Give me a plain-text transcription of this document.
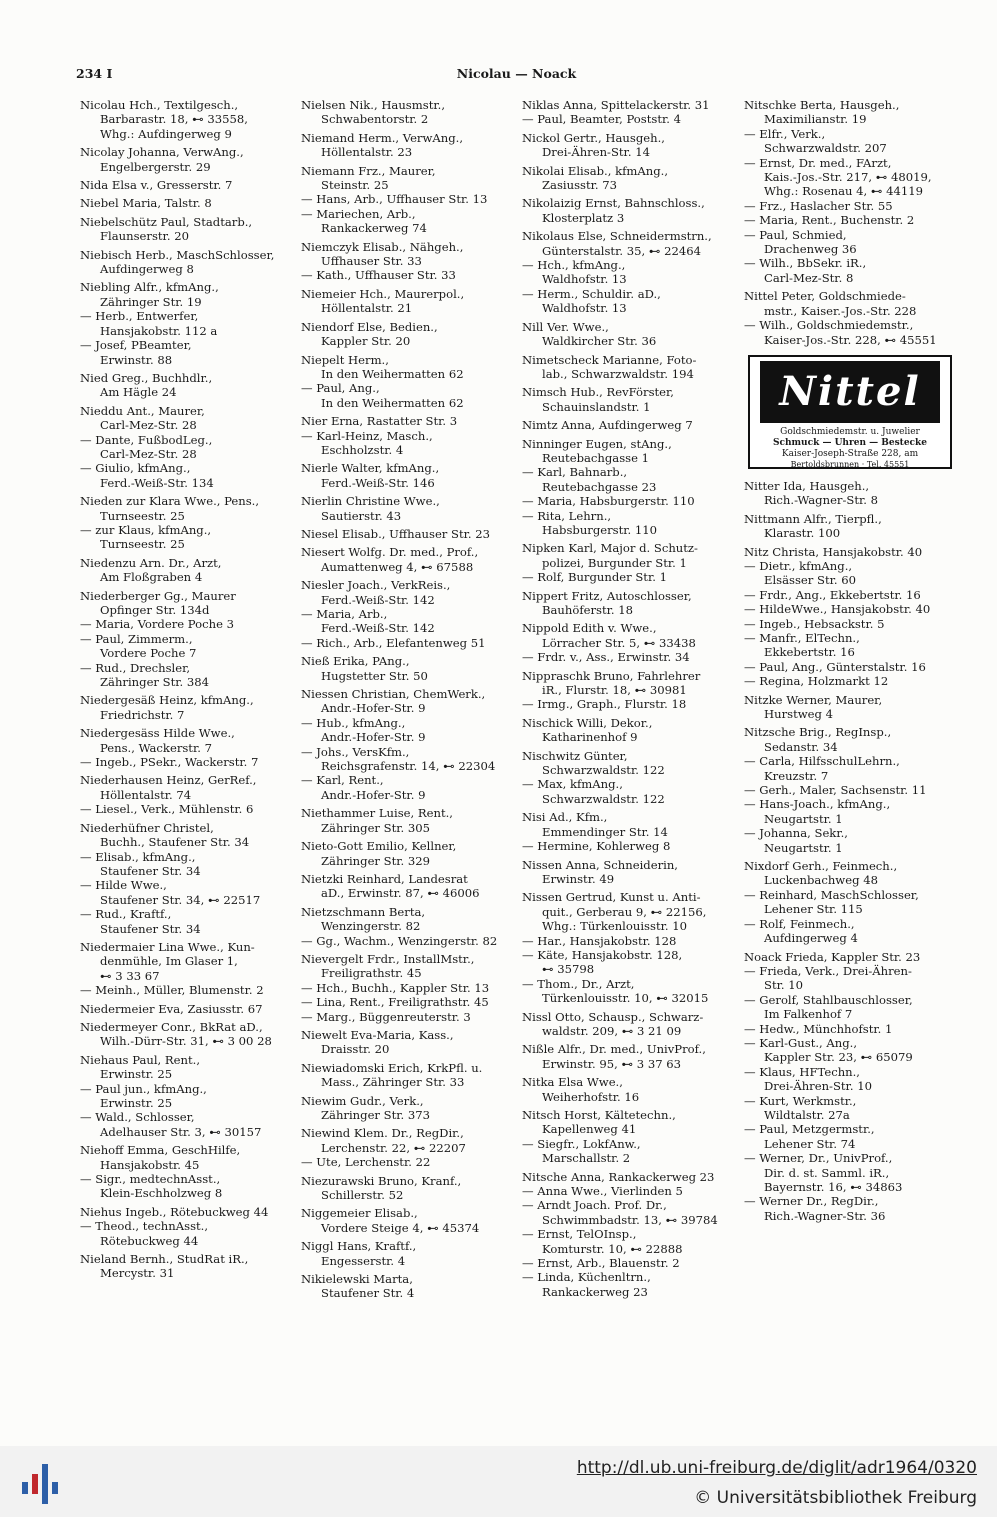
234 I	Nicolau — Noack
Nicolau Hch., Textilgesch.,
Barbarastr. 18, ⊷ 33558,
Whg.: Aufdingerweg 9
Nicolay Johanna, VerwAng.,
Engelbergerstr. 29
Nida Elsa v., Gresserstr. 7
Niebel Maria, Talstr. 8
Niebelschütz Paul, Stadtarb.,
Flaunserstr. 20
Niebisch Herb., MaschSchlosser,
Aufdingerweg 8
Niebling Alfr., kfmAng.,
Zähringer Str. 19
— Herb., Entwerfer,
Hansjakobstr. 112 a
— Josef, PBeamter,
Erwinstr. 88
Nied Greg., Buchhdlr.,
Am Hägle 24
Nieddu Ant., Maurer,
Carl-Mez-Str. 28
— Dante, FußbodLeg.,
Carl-Mez-Str. 28
— Giulio, kfmAng.,
Ferd.-Weiß-Str. 134
Nieden zur Klara Wwe., Pens.,
Turnseestr. 25
— zur Klaus, kfmAng.,
Turnseestr. 25
Niedenzu Arn. Dr., Arzt,
Am Floßgraben 4
Niederberger Gg., Maurer
Opfinger Str. 134d
— Maria, Vordere Poche 3
— Paul, Zimmerm.,
Vordere Poche 7
— Rud., Drechsler,
Zähringer Str. 384
Niedergesäß Heinz, kfmAng.,
Friedrichstr. 7
Niedergesäss Hilde Wwe.,
Pens., Wackerstr. 7
— Ingeb., PSekr., Wackerstr. 7
Niederhausen Heinz, GerRef.,
Höllentalstr. 74
— Liesel., Verk., Mühlenstr. 6
Niederhüfner Christel,
Buchh., Staufener Str. 34
— Elisab., kfmAng.,
Staufener Str. 34
— Hilde Wwe.,
Staufener Str. 34, ⊷ 22517
— Rud., Kraftf.,
Staufener Str. 34
Niedermaier Lina Wwe., Kun-
denmühle, Im Glaser 1,
⊷ 3 33 67
— Meinh., Müller, Blumenstr. 2
Niedermeier Eva, Zasiusstr. 67
Niedermeyer Conr., BkRat aD.,
Wilh.-Dürr-Str. 31, ⊷ 3 00 28
Niehaus Paul, Rent.,
Erwinstr. 25
— Paul jun., kfmAng.,
Erwinstr. 25
— Wald., Schlosser,
Adelhauser Str. 3, ⊷ 30157
Niehoff Emma, GeschHilfe,
Hansjakobstr. 45
— Sigr., medtechnAsst.,
Klein-Eschholzweg 8
Niehus Ingeb., Rötebuckweg 44
— Theod., technAsst.,
Rötebuckweg 44
Nieland Bernh., StudRat iR.,
Mercystr. 31
Nielsen Nik., Hausmstr.,
Schwabentorstr. 2
Niemand Herm., VerwAng.,
Höllentalstr. 23
Niemann Frz., Maurer,
Steinstr. 25
— Hans, Arb., Uffhauser Str. 13
— Mariechen, Arb.,
Rankackerweg 74
Niemczyk Elisab., Nähgeh.,
Uffhauser Str. 33
— Kath., Uffhauser Str. 33
Niemeier Hch., Maurerpol.,
Höllentalstr. 21
Niendorf Else, Bedien.,
Kappler Str. 20
Niepelt Herm.,
In den Weihermatten 62
— Paul, Ang.,
In den Weihermatten 62
Nier Erna, Rastatter Str. 3
— Karl-Heinz, Masch.,
Eschholzstr. 4
Nierle Walter, kfmAng.,
Ferd.-Weiß-Str. 146
Nierlin Christine Wwe.,
Sautierstr. 43
Niesel Elisab., Uffhauser Str. 23
Niesert Wolfg. Dr. med., Prof.,
Aumattenweg 4, ⊷ 67588
Niesler Joach., VerkReis.,
Ferd.-Weiß-Str. 142
— Maria, Arb.,
Ferd.-Weiß-Str. 142
— Rich., Arb., Elefantenweg 51
Nieß Erika, PAng.,
Hugstetter Str. 50
Niessen Christian, ChemWerk.,
Andr.-Hofer-Str. 9
— Hub., kfmAng.,
Andr.-Hofer-Str. 9
— Johs., VersKfm.,
Reichsgrafenstr. 14, ⊷ 22304
— Karl, Rent.,
Andr.-Hofer-Str. 9
Niethammer Luise, Rent.,
Zähringer Str. 305
Nieto-Gott Emilio, Kellner,
Zähringer Str. 329
Nietzki Reinhard, Landesrat
aD., Erwinstr. 87, ⊷ 46006
Nietzschmann Berta,
Wenzingerstr. 82
— Gg., Wachm., Wenzingerstr. 82
Nievergelt Frdr., InstallMstr.,
Freiligrathstr. 45
— Hch., Buchh., Kappler Str. 13
— Lina, Rent., Freiligrathstr. 45
— Marg., Büggenreuterstr. 3
Niewelt Eva-Maria, Kass.,
Draisstr. 20
Niewiadomski Erich, KrkPfl. u.
Mass., Zähringer Str. 33
Niewim Gudr., Verk.,
Zähringer Str. 373
Niewind Klem. Dr., RegDir.,
Lerchenstr. 22, ⊷ 22207
— Ute, Lerchenstr. 22
Niezurawski Bruno, Kranf.,
Schillerstr. 52
Niggemeier Elisab.,
Vordere Steige 4, ⊷ 45374
Niggl Hans, Kraftf.,
Engesserstr. 4
Nikielewski Marta,
Staufener Str. 4
Niklas Anna, Spittelackerstr. 31
— Paul, Beamter, Poststr. 4
Nickol Gertr., Hausgeh.,
Drei-Ähren-Str. 14
Nikolai Elisab., kfmAng.,
Zasiusstr. 73
Nikolaizig Ernst, Bahnschloss.,
Klosterplatz 3
Nikolaus Else, Schneidermstrn.,
Günterstalstr. 35, ⊷ 22464
— Hch., kfmAng.,
Waldhofstr. 13
— Herm., Schuldir. aD.,
Waldhofstr. 13
Nill Ver. Wwe.,
Waldkircher Str. 36
Nimetscheck Marianne, Foto-
lab., Schwarzwaldstr. 194
Nimsch Hub., RevFörster,
Schauinslandstr. 1
Nimtz Anna, Aufdingerweg 7
Ninninger Eugen, stAng.,
Reutebachgasse 1
— Karl, Bahnarb.,
Reutebachgasse 23
— Maria, Habsburgerstr. 110
— Rita, Lehrn.,
Habsburgerstr. 110
Nipken Karl, Major d. Schutz-
polizei, Burgunder Str. 1
— Rolf, Burgunder Str. 1
Nippert Fritz, Autoschlosser,
Bauhöferstr. 18
Nippold Edith v. Wwe.,
Lörracher Str. 5, ⊷ 33438
— Frdr. v., Ass., Erwinstr. 34
Nippraschk Bruno, Fahrlehrer
iR., Flurstr. 18, ⊷ 30981
— Irmg., Graph., Flurstr. 18
Nischick Willi, Dekor.,
Katharinenhof 9
Nischwitz Günter,
Schwarzwaldstr. 122
— Max, kfmAng.,
Schwarzwaldstr. 122
Nisi Ad., Kfm.,
Emmendinger Str. 14
— Hermine, Kohlerweg 8
Nissen Anna, Schneiderin,
Erwinstr. 49
Nissen Gertrud, Kunst u. Anti-
quit., Gerberau 9, ⊷ 22156,
Whg.: Türkenlouisstr. 10
— Har., Hansjakobstr. 128
— Käte, Hansjakobstr. 128,
⊷ 35798
— Thom., Dr., Arzt,
Türkenlouisstr. 10, ⊷ 32015
Nissl Otto, Schausp., Schwarz-
waldstr. 209, ⊷ 3 21 09
Nißle Alfr., Dr. med., UnivProf.,
Erwinstr. 95, ⊷ 3 37 63
Nitka Elsa Wwe.,
Weiherhofstr. 16
Nitsch Horst, Kältetechn.,
Kapellenweg 41
— Siegfr., LokfAnw.,
Marschallstr. 2
Nitsche Anna, Rankackerweg 23
— Anna Wwe., Vierlinden 5
— Arndt Joach. Prof. Dr.,
Schwimmbadstr. 13, ⊷ 39784
— Ernst, TelOInsp.,
Komturstr. 10, ⊷ 22888
— Ernst, Arb., Blauenstr. 2
— Linda, Küchenltrn.,
Rankackerweg 23
Nitschke Berta, Hausgeh.,
Maximilianstr. 19
— Elfr., Verk.,
Schwarzwaldstr. 207
— Ernst, Dr. med., FArzt,
Kais.-Jos.-Str. 217, ⊷ 48019,
Whg.: Rosenau 4, ⊷ 44119
— Frz., Haslacher Str. 55
— Maria, Rent., Buchenstr. 2
— Paul, Schmied,
Drachenweg 36
— Wilh., BbSekr. iR.,
Carl-Mez-Str. 8
Nittel Peter, Goldschmiede-
mstr., Kaiser.-Jos.-Str. 228
— Wilh., Goldschmiedemstr.,
Kaiser-Jos.-Str. 228, ⊷ 45551
Nittel
Goldschmiedemstr. u. Juwelier
Schmuck — Uhren — Bestecke
Kaiser-Joseph-Straße 228, am
Bertoldsbrunnen · Tel. 45551
Nitter Ida, Hausgeh.,
Rich.-Wagner-Str. 8
Nittmann Alfr., Tierpfl.,
Klarastr. 100
Nitz Christa, Hansjakobstr. 40
— Dietr., kfmAng.,
Elsässer Str. 60
— Frdr., Ang., Ekkebertstr. 16
— HildeWwe., Hansjakobstr. 40
— Ingeb., Hebsackstr. 5
— Manfr., ElTechn.,
Ekkebertstr. 16
— Paul, Ang., Günterstalstr. 16
— Regina, Holzmarkt 12
Nitzke Werner, Maurer,
Hurstweg 4
Nitzsche Brig., RegInsp.,
Sedanstr. 34
— Carla, HilfsschulLehrn.,
Kreuzstr. 7
— Gerh., Maler, Sachsenstr. 11
— Hans-Joach., kfmAng.,
Neugartstr. 1
— Johanna, Sekr.,
Neugartstr. 1
Nixdorf Gerh., Feinmech.,
Luckenbachweg 48
— Reinhard, MaschSchlosser,
Lehener Str. 115
— Rolf, Feinmech.,
Aufdingerweg 4
Noack Frieda, Kappler Str. 23
— Frieda, Verk., Drei-Ähren-
Str. 10
— Gerolf, Stahlbauschlosser,
Im Falkenhof 7
— Hedw., Münchhofstr. 1
— Karl-Gust., Ang.,
Kappler Str. 23, ⊷ 65079
— Klaus, HFTechn.,
Drei-Ähren-Str. 10
— Kurt, Werkmstr.,
Wildtalstr. 27a
— Paul, Metzgermstr.,
Lehener Str. 74
— Werner, Dr., UnivProf.,
Dir. d. st. Samml. iR.,
Bayernstr. 16, ⊷ 34863
— Werner Dr., RegDir.,
Rich.-Wagner-Str. 36
http://dl.ub.uni-freiburg.de/diglit/adr1964/0320
© Universitätsbibliothek Freiburg
